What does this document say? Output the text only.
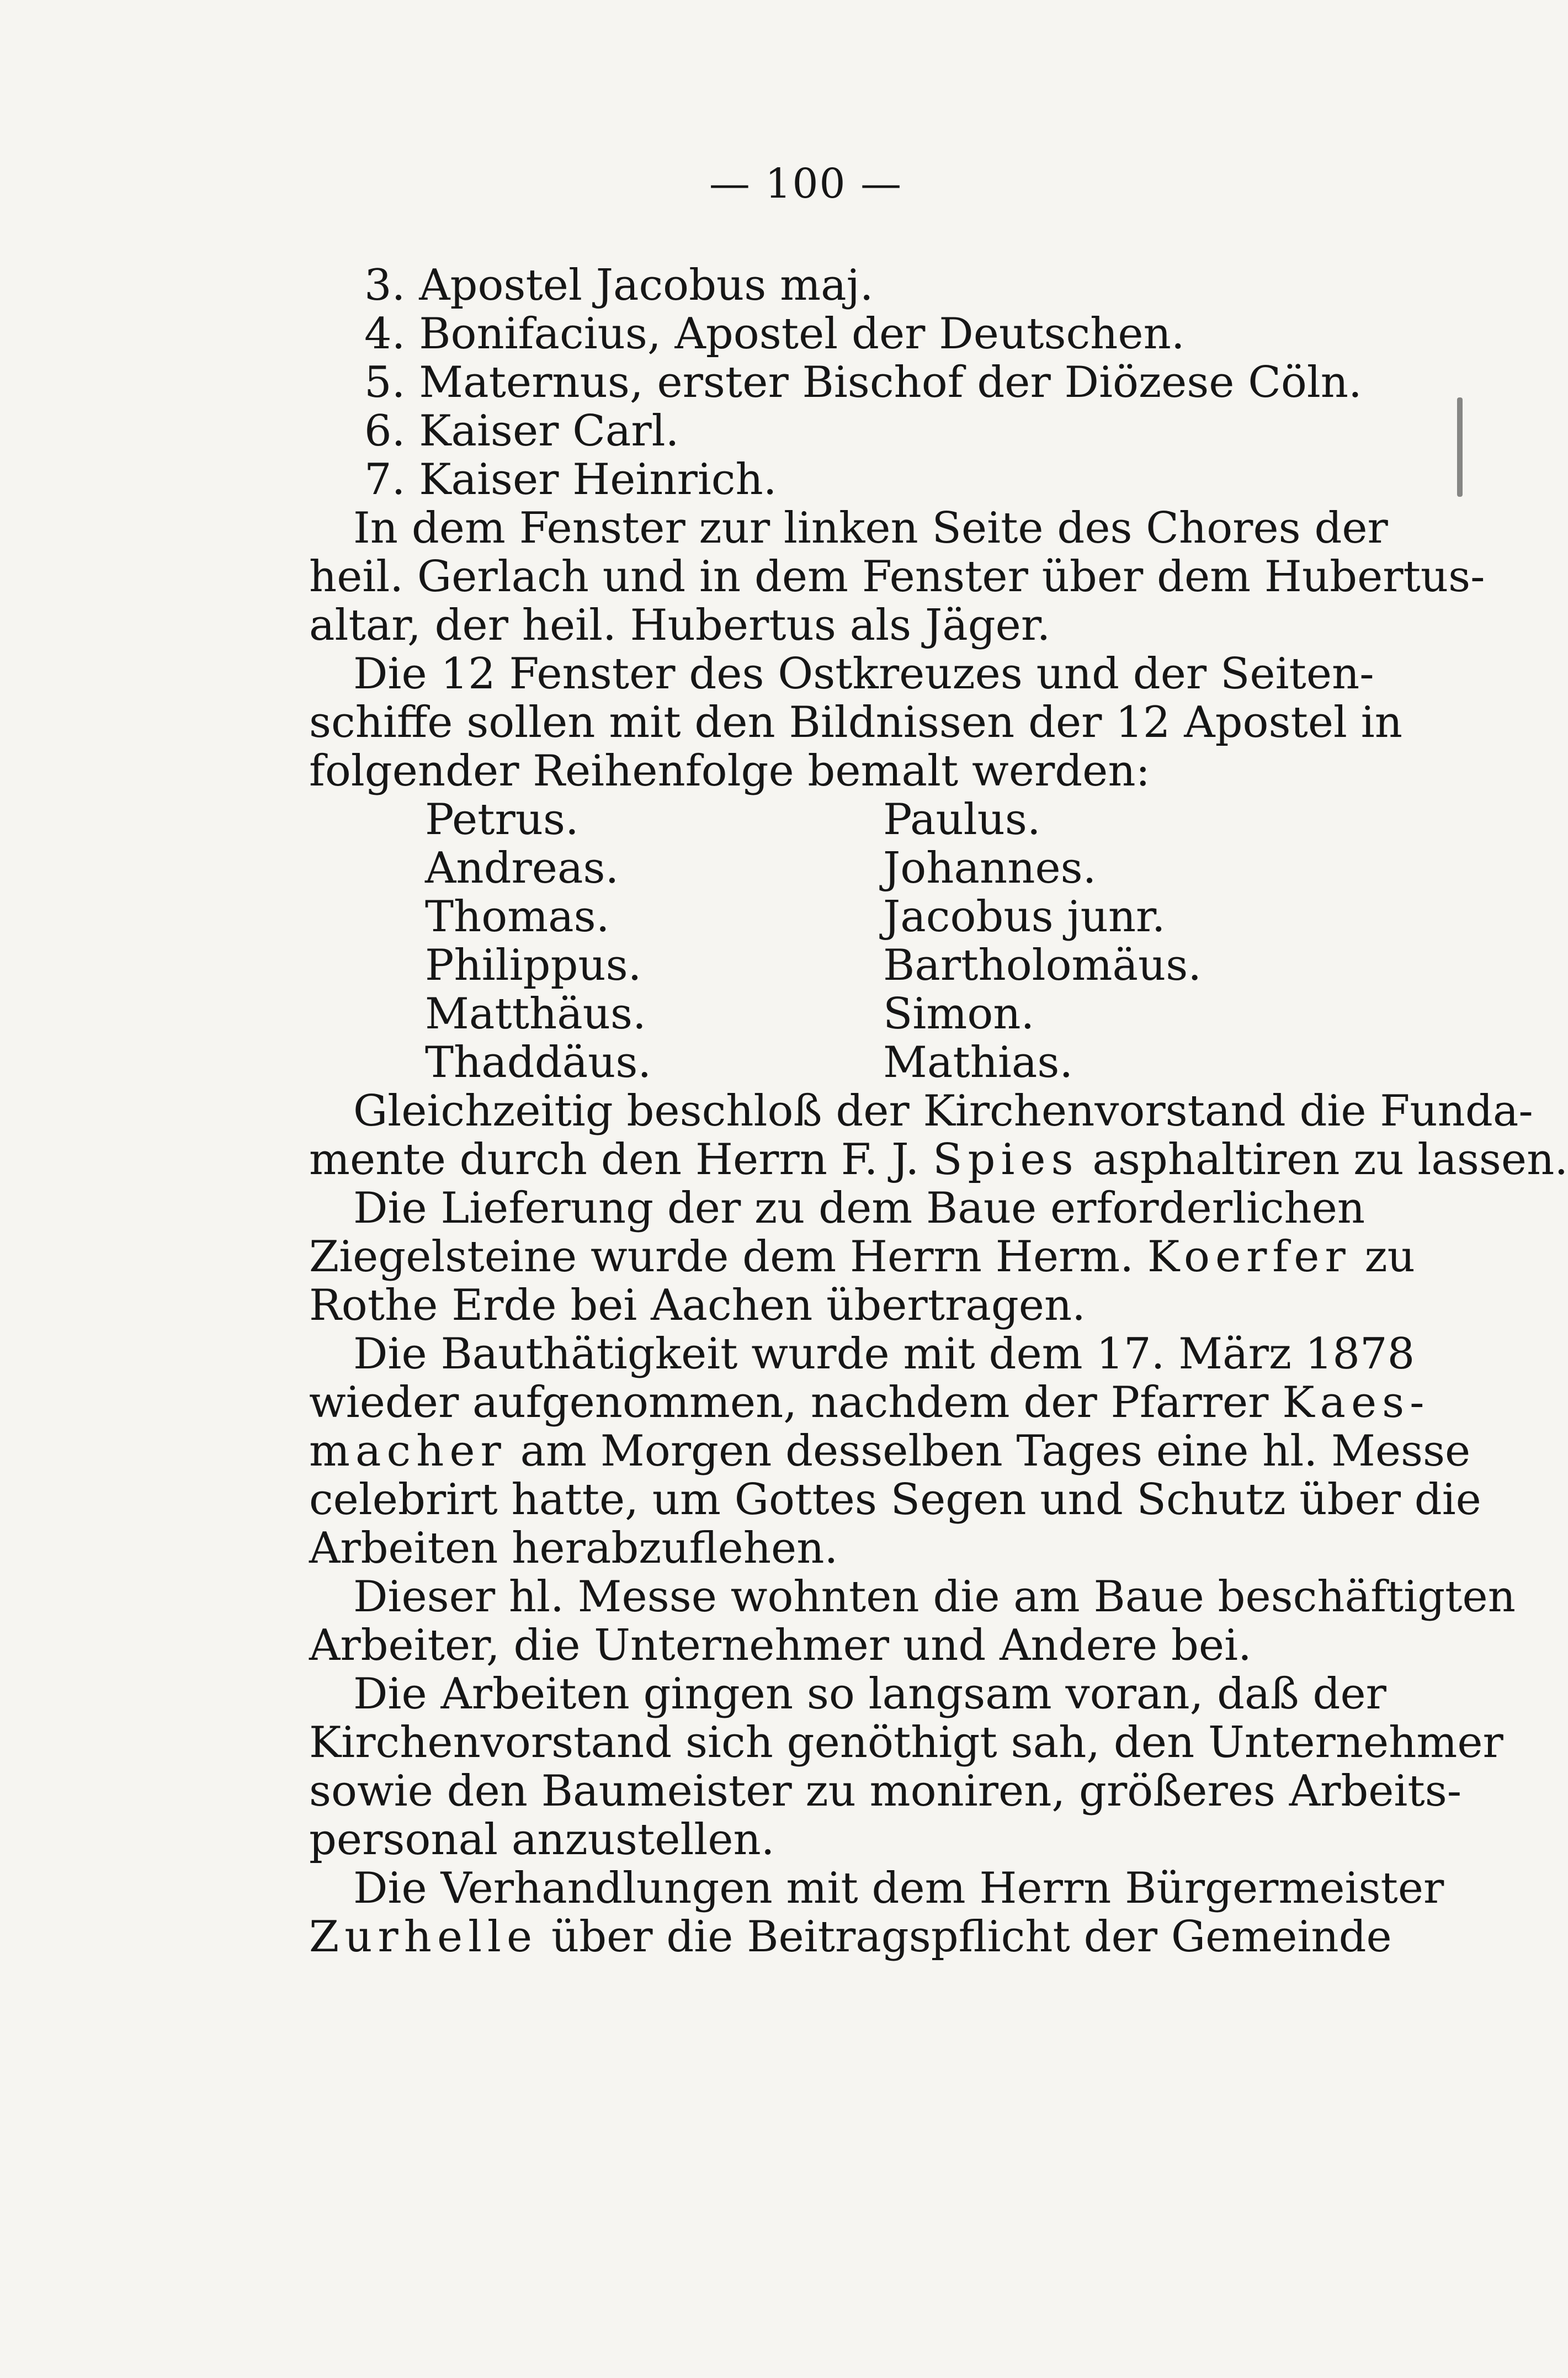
— 100 —
3. Apostel Jacobus maj.
4. Bonifacius, Apostel der Deutschen.
5. Maternus, erster Bischof der Diözese Cöln.
6. Kaiser Carl.
7. Kaiser Heinrich.
In dem Fenster zur linken Seite des Chores der
heil. Gerlach und in dem Fenster über dem Hubertus-
altar, der heil. Hubertus als Jäger.
Die 12 Fenster des Ostkreuzes und der Seiten-
schiffe sollen mit den Bildnissen der 12 Apostel in
folgender Reihenfolge bemalt werden:
Petrus.	Paulus.
Andreas.	Johannes.
Thomas.	Jacobus junr.
Philippus.	Bartholomäus.
Matthäus.	Simon.
Thaddäus.	Mathias.
Gleichzeitig beschloß der Kirchenvorstand die Funda-
mente durch den Herrn F. J. Spies asphaltiren zu lassen.
Die Lieferung der zu dem Baue erforderlichen
Ziegelsteine wurde dem Herrn Herm. Koerfer zu
Rothe Erde bei Aachen übertragen.
Die Bauthätigkeit wurde mit dem 17. März 1878
wieder aufgenommen, nachdem der Pfarrer Kaes-
macher am Morgen desselben Tages eine hl. Messe
celebrirt hatte, um Gottes Segen und Schutz über die
Arbeiten herabzuflehen.
Dieser hl. Messe wohnten die am Baue beschäftigten
Arbeiter, die Unternehmer und Andere bei.
Die Arbeiten gingen so langsam voran, daß der
Kirchenvorstand sich genöthigt sah, den Unternehmer
sowie den Baumeister zu moniren, größeres Arbeits-
personal anzustellen.
Die Verhandlungen mit dem Herrn Bürgermeister
Zurhelle über die Beitragspflicht der Gemeinde
